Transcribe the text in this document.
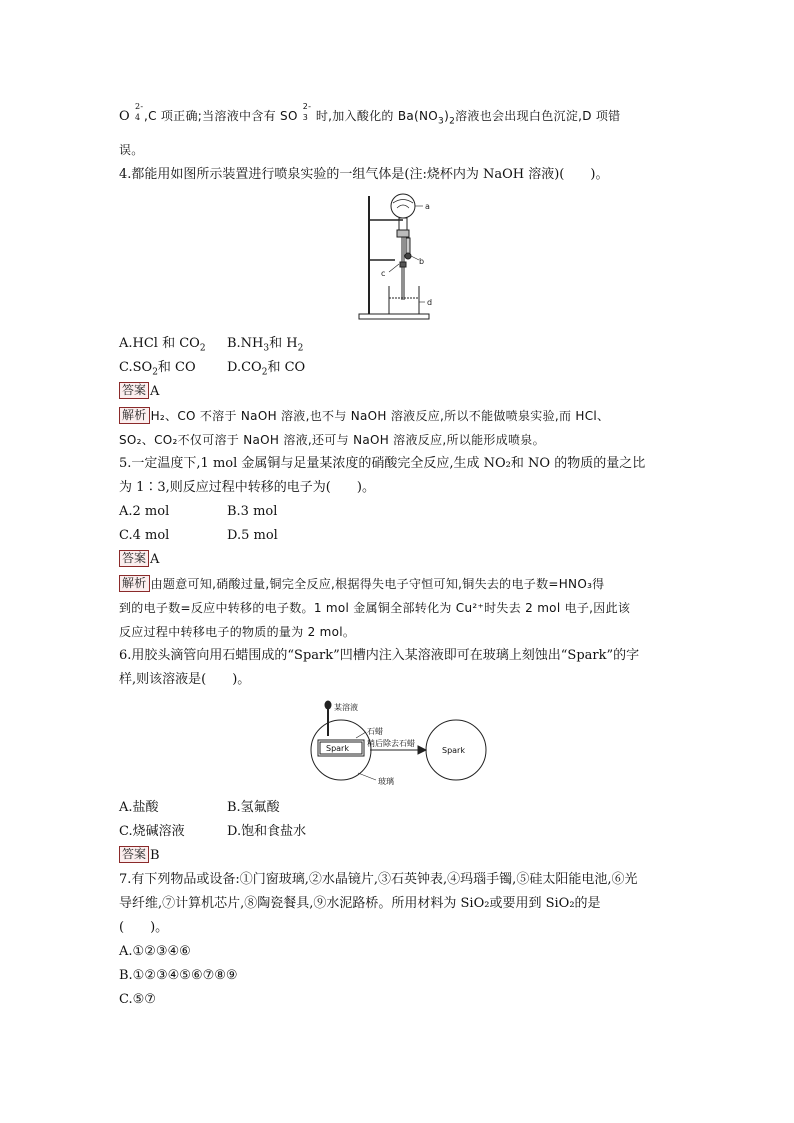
O
2-
4 ,C 项正确;当溶液中含有 SO
2-
3 时,加入酸化的 $Ba(NO_3)_2$溶液也会出现白色沉淀,D 项错
误。
4.都能用如图所示装置进行喷泉实验的一组气体是(注:烧杯内为 NaOH 溶液)(　　)。
a
b
c
d
A.HCl 和 $CO_2$ $B.NH_3$和 $H_2$
$C.SO_2$和 CO $D.CO_2$和 CO
答案 A
解析 H₂、CO 不溶于 NaOH 溶液,也不与 NaOH 溶液反应,所以不能做喷泉实验,而 HCl、
SO₂、CO₂不仅可溶于 NaOH 溶液,还可与 NaOH 溶液反应,所以能形成喷泉。
5.一定温度下,1 mol 金属铜与足量某浓度的硝酸完全反应,生成 NO₂和 NO 的物质的量之比
为 1∶3,则反应过程中转移的电子为(　　)。
A.2 mol	B.3 mol
C.4 mol	D.5 mol
答案 A
解析 由题意可知,硝酸过量,铜完全反应,根据得失电子守恒可知,铜失去的电子数=HNO₃得
到的电子数=反应中转移的电子数。1 mol 金属铜全部转化为 Cu²⁺时失去 2 mol 电子,因此该
反应过程中转移电子的物质的量为 2 mol。
6.用胶头滴管向用石蜡围成的“Spark”凹槽内注入某溶液即可在玻璃上刻蚀出“Spark”的字
样,则该溶液是(　　)。
某溶液
石蜡
稍后除去石蜡
玻璃
Spark	Spark
A.盐酸	B.氢氟酸
C.烧碱溶液	D.饱和食盐水
答案 B
7.有下列物品或设备:①门窗玻璃,②水晶镜片,③石英钟表,④玛瑙手镯,⑤硅太阳能电池,⑥光
导纤维,⑦计算机芯片,⑧陶瓷餐具,⑨水泥路桥。所用材料为 SiO₂或要用到 SiO₂的是
(　　)。
A.①②③④⑥
B.①②③④⑤⑥⑦⑧⑨
C.⑤⑦
